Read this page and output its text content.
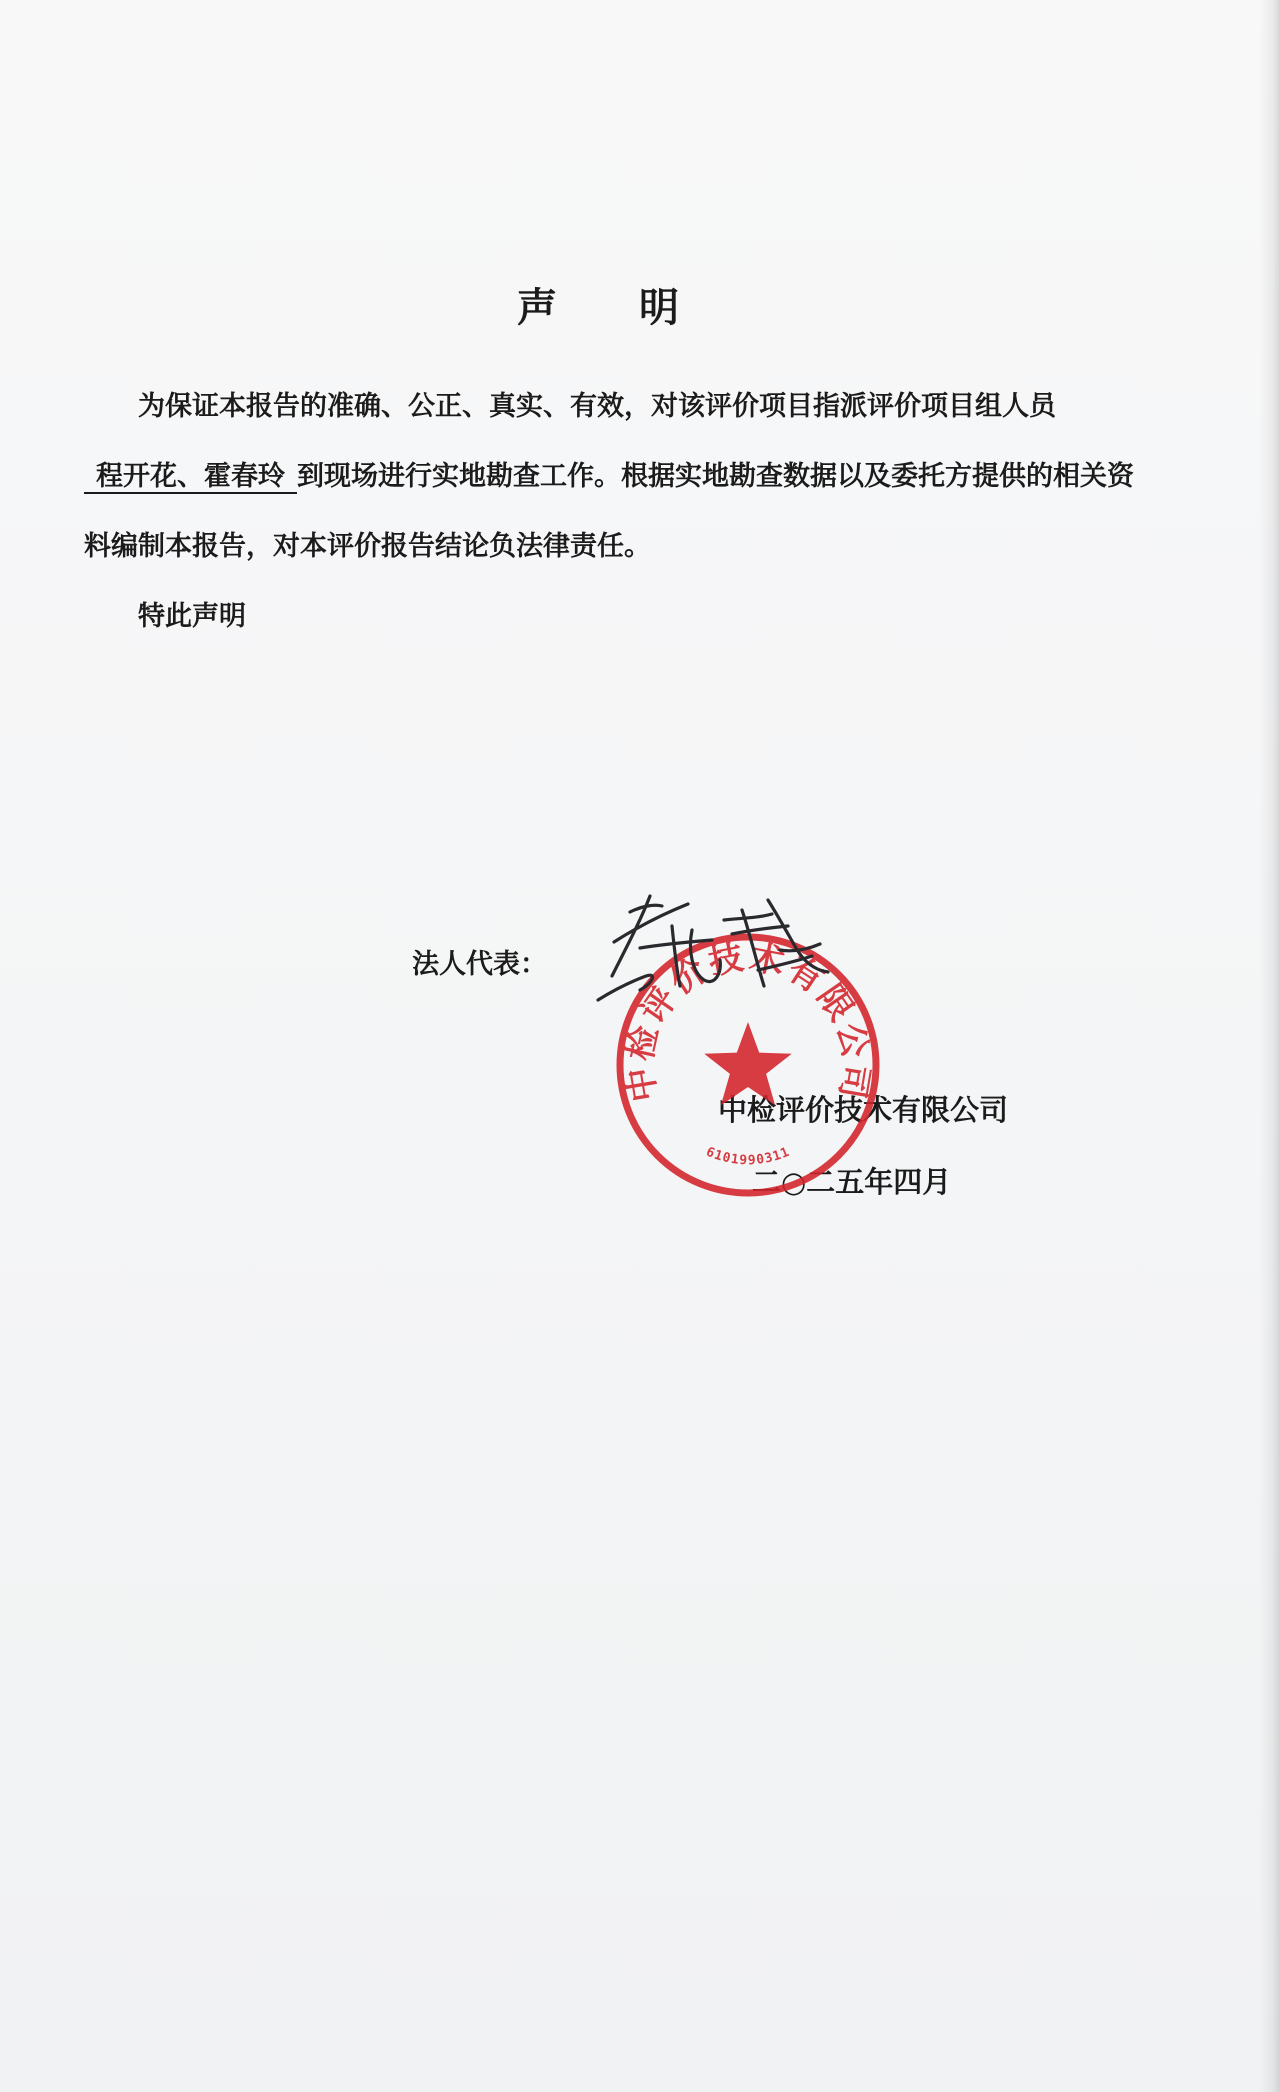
声 明

为保证本报告的准确、公正、真实、有效，对该评价项目指派评价项目组人员程开花、霍春玲 到现场进行实地勘查工作。根据实地勘查数据以及委托方提供的相关资料编制本报告，对本评价报告结论负法律责任。

特此声明

法人代表：
中检评价技术有限公司
二○二五年四月
中检评价技术有限公司
6101990311
